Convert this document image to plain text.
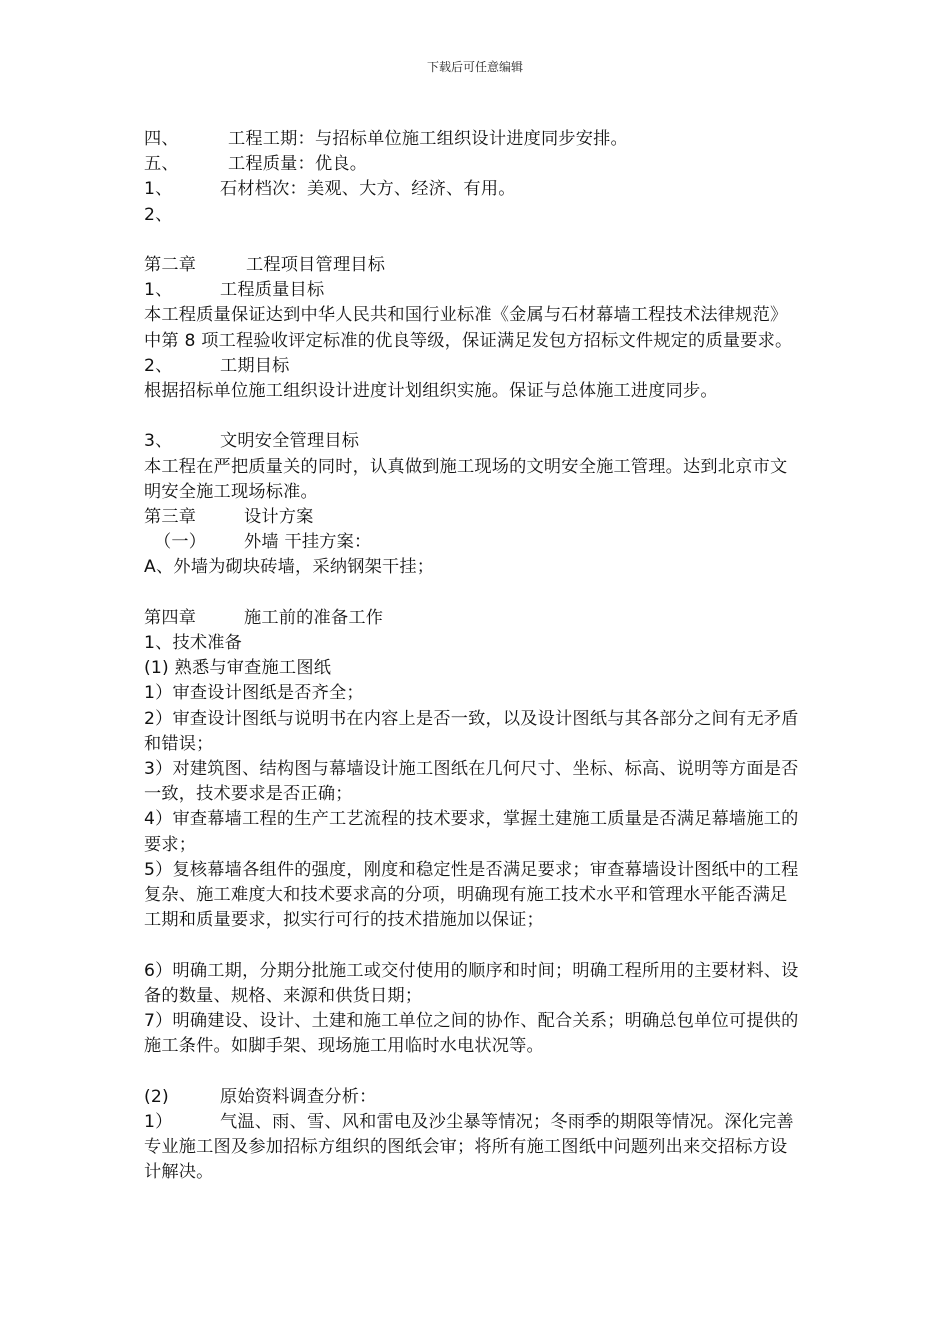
下载后可任意编辑
四、	工程工期：与招标单位施工组织设计进度同步安排。
五、	工程质量：优良。
1、	石材档次：美观、大方、经济、有用。
2、
第二章	工程项目管理目标
1、	工程质量目标
本工程质量保证达到中华人民共和国行业标准《金属与石材幕墙工程技术法律规范》中第 8 项工程验收评定标准的优良等级，保证满足发包方招标文件规定的质量要求。
2、	工期目标
根据招标单位施工组织设计进度计划组织实施。保证与总体施工进度同步。
3、	文明安全管理目标
本工程在严把质量关的同时，认真做到施工现场的文明安全施工管理。达到北京市文明安全施工现场标准。
第三章	设计方案
（一） 外墙 干挂方案：
A、外墙为砌块砖墙，采纳钢架干挂；
第四章	施工前的准备工作
1、技术准备
(1) 熟悉与审查施工图纸
1）审查设计图纸是否齐全；
2）审查设计图纸与说明书在内容上是否一致，以及设计图纸与其各部分之间有无矛盾和错误；
3）对建筑图、结构图与幕墙设计施工图纸在几何尺寸、坐标、标高、说明等方面是否一致，技术要求是否正确；
4）审查幕墙工程的生产工艺流程的技术要求，掌握土建施工质量是否满足幕墙施工的要求；
5）复核幕墙各组件的强度，刚度和稳定性是否满足要求；审查幕墙设计图纸中的工程复杂、施工难度大和技术要求高的分项，明确现有施工技术水平和管理水平能否满足工期和质量要求，拟实行可行的技术措施加以保证；
6）明确工期，分期分批施工或交付使用的顺序和时间；明确工程所用的主要材料、设备的数量、规格、来源和供货日期；
7）明确建设、设计、土建和施工单位之间的协作、配合关系；明确总包单位可提供的施工条件。如脚手架、现场施工用临时水电状况等。
(2)	原始资料调查分析：
1）	气温、雨、雪、风和雷电及沙尘暴等情况；冬雨季的期限等情况。深化完善专业施工图及参加招标方组织的图纸会审；将所有施工图纸中问题列出来交招标方设计解决。
